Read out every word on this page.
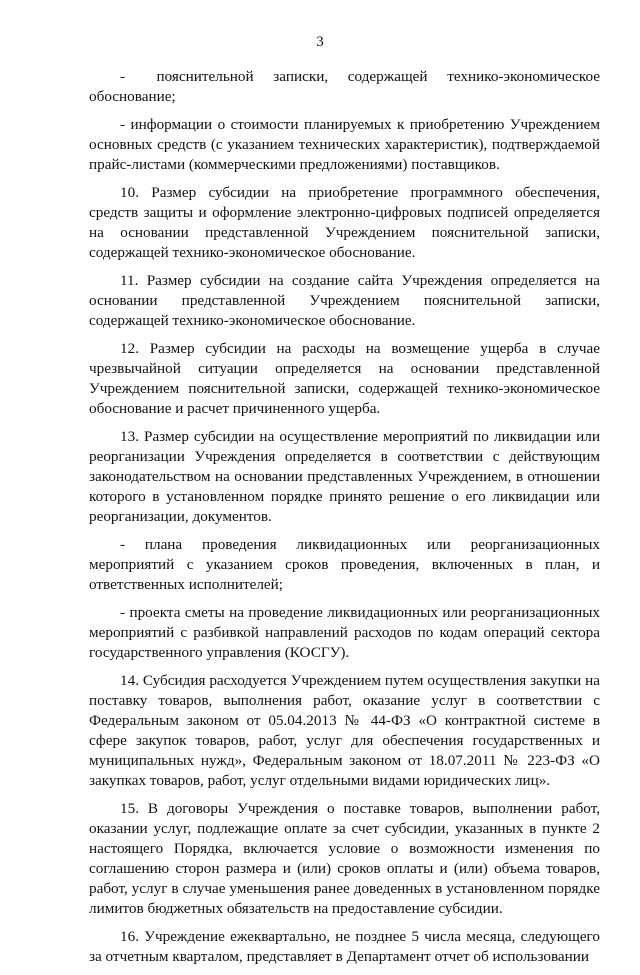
3

-        пояснительной     записки,     содержащей     технико-экономическое обоснование;

- информации о стоимости планируемых к приобретению Учреждением основных средств (с указанием технических характеристик), подтверждаемой прайс-листами (коммерческими предложениями) поставщиков.

10. Размер субсидии на приобретение программного обеспечения, средств защиты и оформление электронно-цифровых подписей определяется на основании представленной Учреждением пояснительной записки, содержащей технико-экономическое обоснование.

11. Размер субсидии на создание сайта Учреждения определяется на основании представленной Учреждением пояснительной записки, содержащей технико-экономическое обоснование.

12. Размер субсидии на расходы на возмещение ущерба в случае чрезвычайной ситуации определяется на основании представленной Учреждением пояснительной записки, содержащей технико-экономическое обоснование и расчет причиненного ущерба.

13. Размер субсидии на осуществление мероприятий по ликвидации или реорганизации Учреждения определяется в соответствии с действующим законодательством на основании представленных Учреждением, в отношении которого в установленном порядке принято решение о его ликвидации или реорганизации, документов.

- плана проведения ликвидационных или реорганизационных мероприятий с указанием сроков проведения, включенных в план, и ответственных исполнителей;

- проекта сметы на проведение ликвидационных или реорганизационных мероприятий с разбивкой направлений расходов по кодам операций сектора государственного управления (КОСГУ).

14. Субсидия расходуется Учреждением путем осуществления закупки на поставку товаров, выполнения работ, оказание услуг в соответствии с Федеральным законом от 05.04.2013 № 44-ФЗ «О контрактной системе в сфере закупок товаров, работ, услуг для обеспечения государственных и муниципальных нужд», Федеральным законом от 18.07.2011 № 223-ФЗ «О закупках товаров, работ, услуг отдельными видами юридических лиц».

15. В договоры Учреждения о поставке товаров, выполнении работ, оказании услуг, подлежащие оплате за счет субсидии, указанных в пункте 2 настоящего Порядка, включается условие о возможности изменения по соглашению сторон размера и (или) сроков оплаты и (или) объема товаров, работ, услуг в случае уменьшения ранее доведенных в установленном порядке лимитов бюджетных обязательств на предоставление субсидии.

16. Учреждение ежеквартально, не позднее 5 числа месяца, следующего за отчетным кварталом, представляет в Департамент отчет об использовании
